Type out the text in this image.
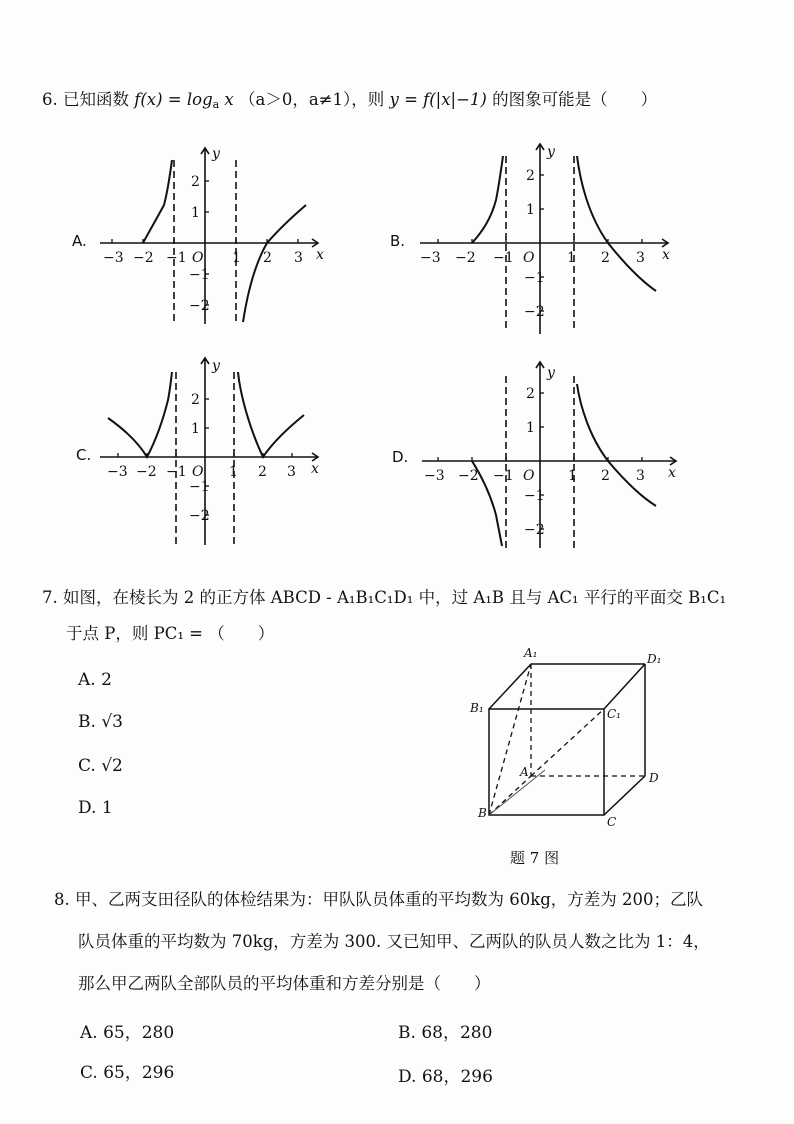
6. 已知函数 $f(x) = \log_a x$ （a＞0，a≠1），则 y = f(|x|−1) 的图象可能是（　　）
A.	B.
C.	D.
−3 −2 −1 O 1 2 3 x
2
1
−1
−2
y
−3 −2 −1 O 1 2 3 x
2
1
−1
−2
y
−3 −2 −1 O 1 2 3 x
2
1
−1
−2
y
−3 −2 −1 O 1 2 3 x
2
1
−1
−2
y
7. 如图，在棱长为 2 的正方体 ABCD - A₁B₁C₁D₁ 中，过 A₁B 且与 AC₁ 平行的平面交 B₁C₁
于点 P，则 PC₁ = （　　）
A. 2
B. √3
C. √2
D. 1
A₁	D₁
B₁	C₁
A	D
B
C
题 7 图
8. 甲、乙两支田径队的体检结果为：甲队队员体重的平均数为 60kg，方差为 200；乙队
队员体重的平均数为 70kg，方差为 300. 又已知甲、乙两队的队员人数之比为 1：4，
那么甲乙两队全部队员的平均体重和方差分别是（　　）
A. 65，280	B. 68，280
C. 65，296	D. 68，296
